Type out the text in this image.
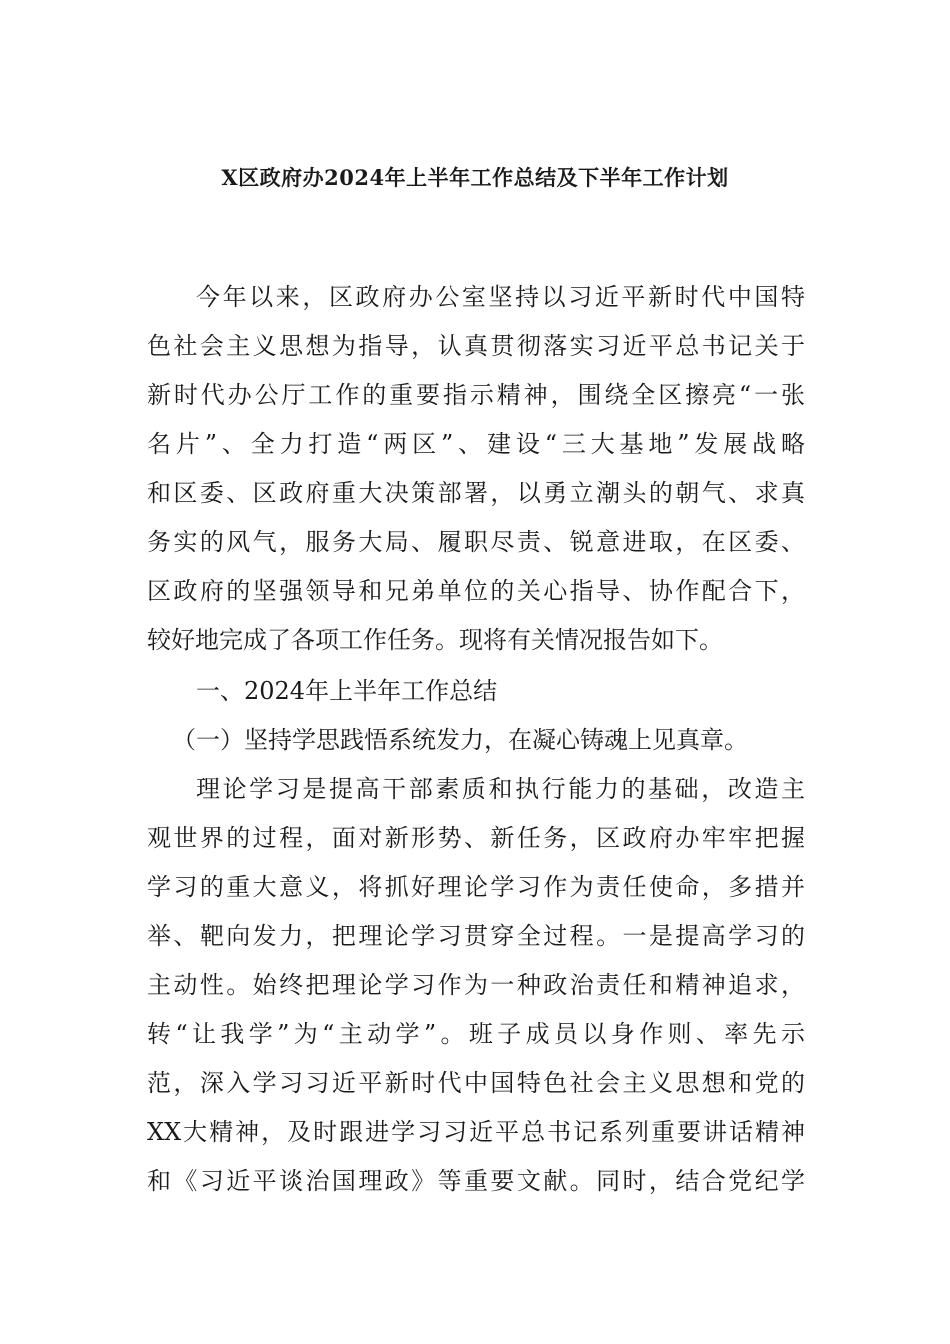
X区政府办2024年上半年工作总结及下半年工作计划

今年以来，区政府办公室坚持以习近平新时代中国特

色社会主义思想为指导，认真贯彻落实习近平总书记关于

新时代办公厅工作的重要指示精神，围绕全区擦亮“一张

名片”、全力打造“两区”、建设“三大基地”发展战略

和区委、区政府重大决策部署，以勇立潮头的朝气、求真

务实的风气，服务大局、履职尽责、锐意进取，在区委、

区政府的坚强领导和兄弟单位的关心指导、协作配合下，

较好地完成了各项工作任务。现将有关情况报告如下。

一、2024年上半年工作总结

（一）坚持学思践悟系统发力，在凝心铸魂上见真章。

理论学习是提高干部素质和执行能力的基础，改造主

观世界的过程，面对新形势、新任务，区政府办牢牢把握

学习的重大意义，将抓好理论学习作为责任使命，多措并

举、靶向发力，把理论学习贯穿全过程。一是提高学习的

主动性。始终把理论学习作为一种政治责任和精神追求，

转“让我学”为“主动学”。班子成员以身作则、率先示

范，深入学习习近平新时代中国特色社会主义思想和党的

XX大精神，及时跟进学习习近平总书记系列重要讲话精神

和《习近平谈治国理政》等重要文献。同时，结合党纪学
